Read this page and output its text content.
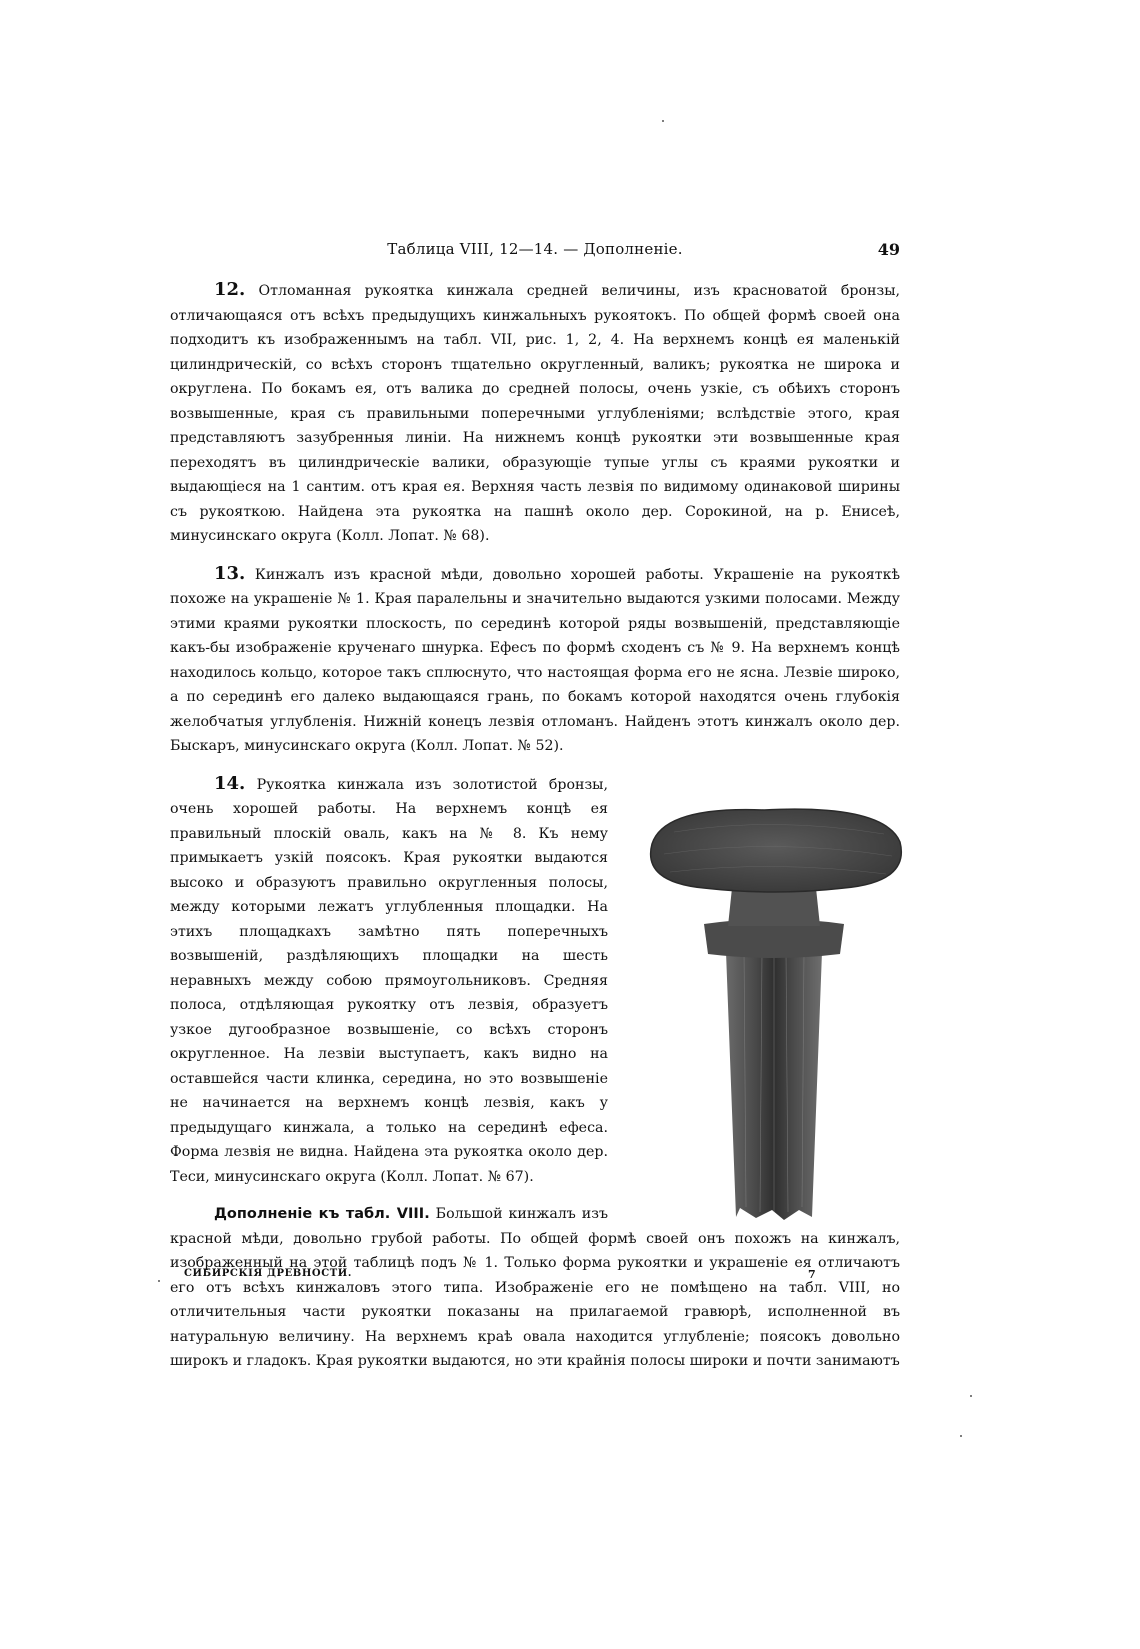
Таблица VIII, 12—14. — Дополненiе.	49

12. Отломанная рукоятка кинжала средней величины, изъ красноватой бронзы, отличающаяся отъ всѣхъ предыдущихъ кинжальныхъ рукоятокъ. По общей формѣ своей она подходитъ къ изображеннымъ на табл. VII, рис. 1, 2, 4. На верхнемъ концѣ ея маленькiй цилиндрическiй, со всѣхъ сторонъ тщательно округленный, валикъ; рукоятка не широка и округлена. По бокамъ ея, отъ валика до средней полосы, очень узкiе, съ обѣихъ сторонъ возвышенные, края съ правильными поперечными углубленiями; вслѣдствiе этого, края представляютъ зазубренныя линiи. На нижнемъ концѣ рукоятки эти возвышенные края переходятъ въ цилиндрическiе валики, образующiе тупые углы съ краями рукоятки и выдающiеся на 1 сантим. отъ края ея. Верхняя часть лезвiя по видимому одинаковой ширины съ рукояткою. Найдена эта рукоятка на пашнѣ около дер. Сорокиной, на р. Енисеѣ, минусинскаго округа (Колл. Лопат. № 68).

13. Кинжалъ изъ красной мѣди, довольно хорошей работы. Украшенiе на рукояткѣ похоже на украшенiе № 1. Края паралельны и значительно выдаются узкими полосами. Между этими краями рукоятки плоскость, по серединѣ которой ряды возвышенiй, представляющiе какъ-бы изображенiе крученаго шнурка. Ефесъ по формѣ сходенъ съ № 9. На верхнемъ концѣ находилось кольцо, которое такъ сплюснуто, что настоящая форма его не ясна. Лезвiе широко, а по серединѣ его далеко выдающаяся грань, по бокамъ которой находятся очень глубокiя желобчатыя углубленiя. Нижнiй конецъ лезвiя отломанъ. Найденъ этотъ кинжалъ около дер. Быскаръ, минусинскаго округа (Колл. Лопат. № 52).

14. Рукоятка кинжала изъ золотистой бронзы, очень хорошей работы. На верхнемъ концѣ ея правильный плоскiй оваль, какъ на № 8. Къ нему примыкаетъ узкiй поясокъ. Края рукоятки выдаются высоко и образуютъ правильно округленныя полосы, между которыми лежатъ углубленныя площадки. На этихъ площадкахъ замѣтно пять поперечныхъ возвышенiй, раздѣляющихъ площадки на шесть неравныхъ между собою прямоугольниковъ. Средняя полоса, отдѣляющая рукоятку отъ лезвiя, образуетъ узкое дугообразное возвышенiе, со всѣхъ сторонъ округленное. На лезвiи выступаетъ, какъ видно на оставшейся части клинка, середина, но это возвышенiе не начинается на верхнемъ концѣ лезвiя, какъ у предыдущаго кинжала, а только на серединѣ ефеса. Форма лезвiя не видна. Найдена эта рукоятка около дер. Теси, минусинскаго округа (Колл. Лопат. № 67).

Дополненiе къ табл. VIII. Большой кинжалъ изъ красной мѣди, довольно грубой работы. По общей формѣ своей онъ похожъ на кинжалъ, изображенный на этой таблицѣ подъ № 1. Только форма рукоятки и украшенiе ея отличаютъ его отъ всѣхъ кинжаловъ этого типа. Изображенiе его не помѣщено на табл. VIII, но отличительныя части рукоятки показаны на прилагаемой гравюрѣ, исполненной въ натуральную величину. На верхнемъ краѣ овала находится углубленiе; поясокъ довольно широкъ и гладокъ. Края рукоятки выдаются, но эти крайнiя полосы широки и почти занимаютъ

СИБИРСКIЯ ДРЕВНОСТИ.	7
